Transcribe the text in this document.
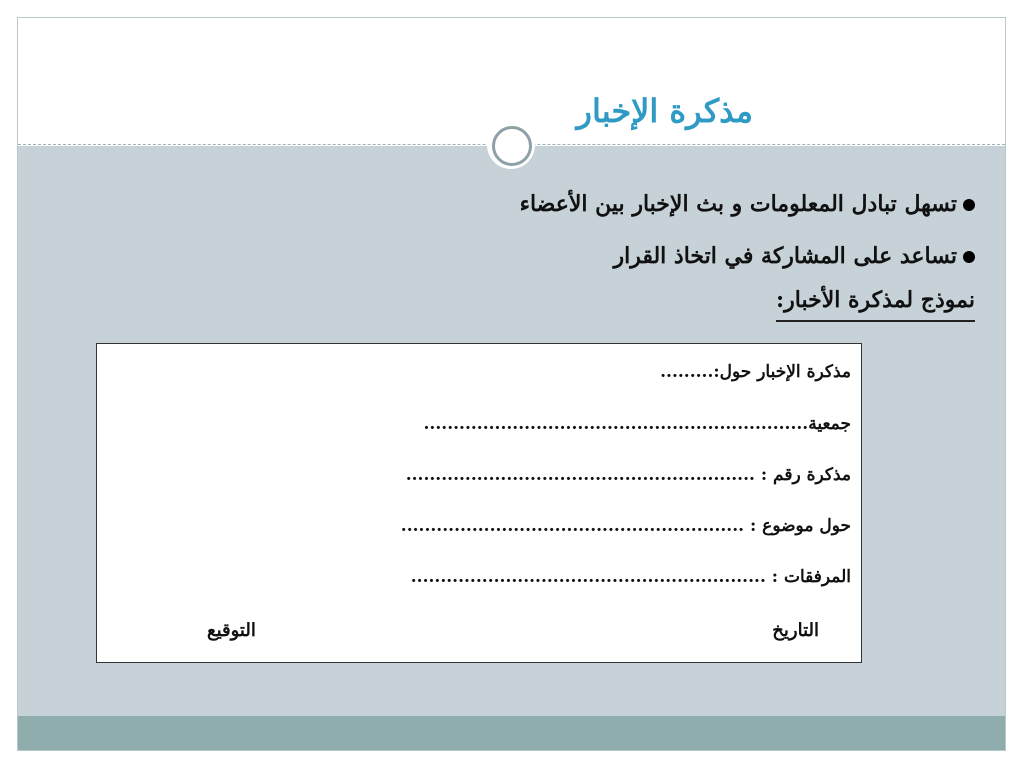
مذكرة الإخبار
تسهل تبادل المعلومات و بث الإخبار بين الأعضاء
تساعد على المشاركة في اتخاذ القرار
نموذج لمذكرة الأخبار:
مذكرة الإخبار حول:.........
جمعية.................................................................
مذكرة رقم : ...........................................................
حول موضوع : ..........................................................
المرفقات : ............................................................
التاريخ
التوقيع
